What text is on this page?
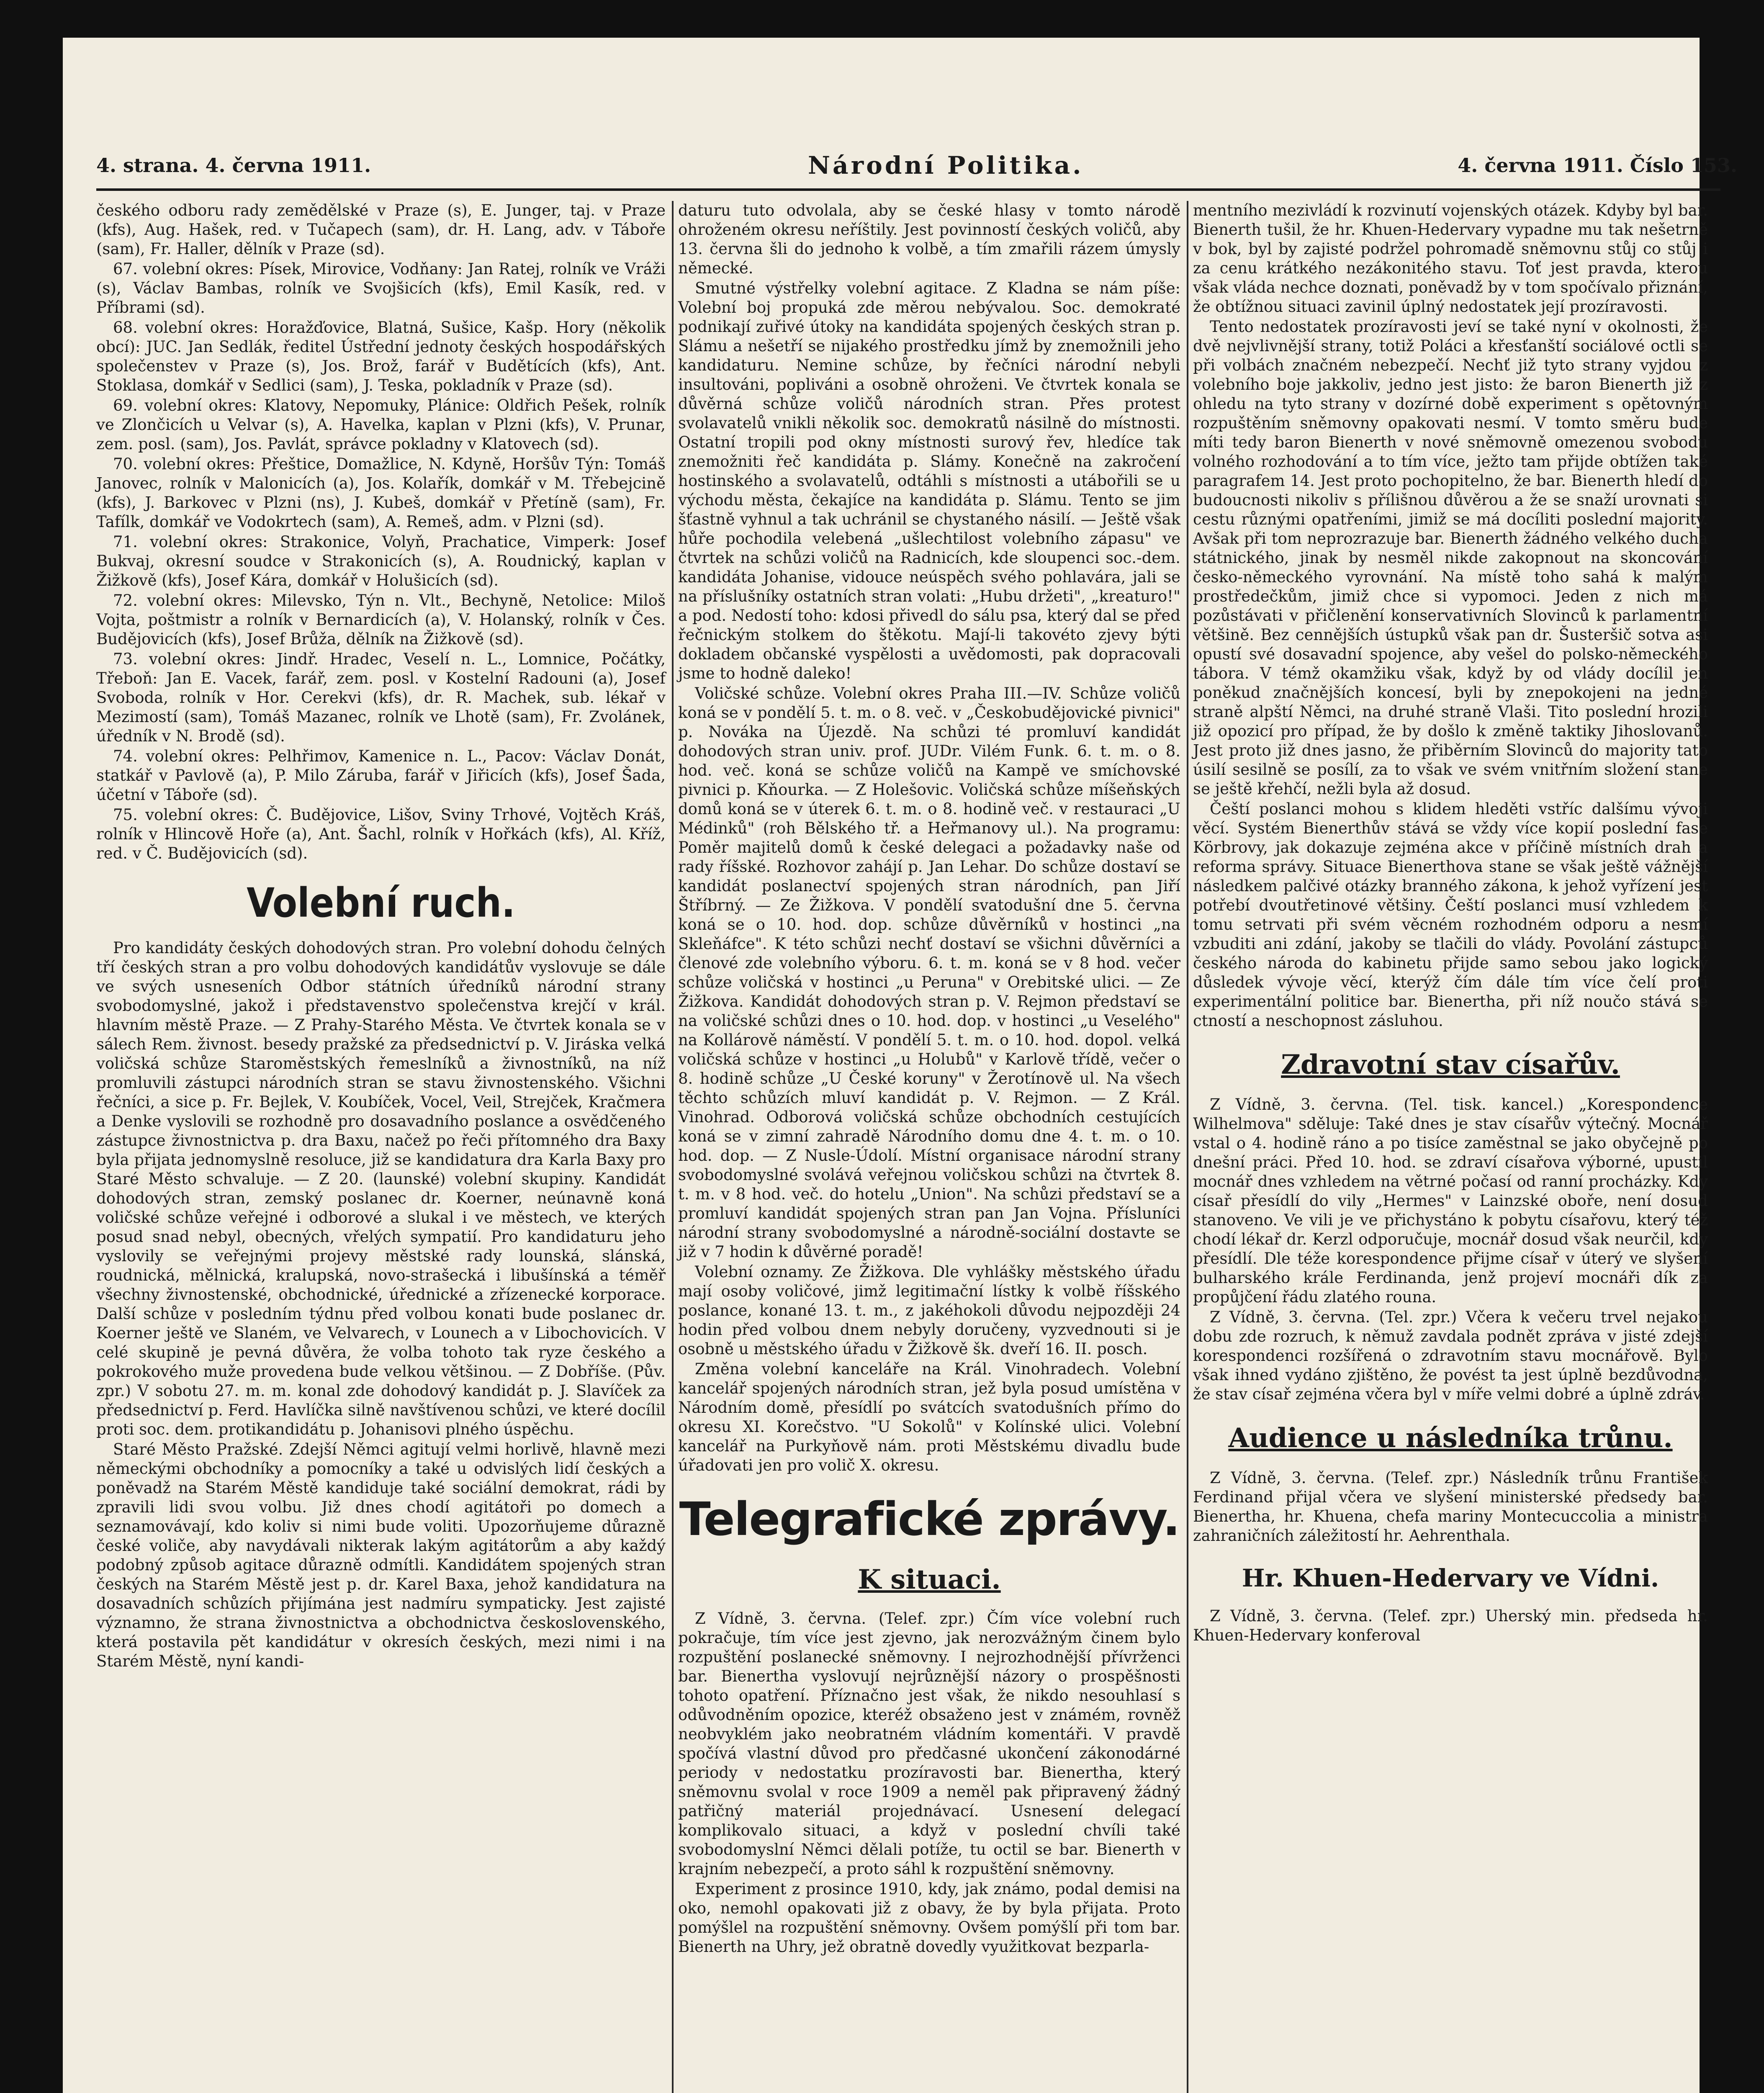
4. strana. 4. června 1911.	Národní Politika.	4. června 1911. Číslo 153.

českého odboru rady zemědělské v Praze (s), E. Junger, taj. v Praze (kfs), Aug. Hašek, red. v Tučapech (sam), dr. H. Lang, adv. v Táboře (sam), Fr. Haller, dělník v Praze (sd).

67. volební okres: Písek, Mirovice, Vodňany: Jan Ratej, rolník ve Vráži (s), Václav Bambas, rolník ve Svojšicích (kfs), Emil Kasík, red. v Příbrami (sd).

68. volební okres: Horažďovice, Blatná, Sušice, Kašp. Hory (několik obcí): JUC. Jan Sedlák, ředitel Ústřední jednoty českých hospodářských společenstev v Praze (s), Jos. Brož, farář v Budětících (kfs), Ant. Stoklasa, domkář v Sedlici (sam), J. Teska, pokladník v Praze (sd).

69. volební okres: Klatovy, Nepomuky, Plánice: Oldřich Pešek, rolník ve Zlončicích u Velvar (s), A. Havelka, kaplan v Plzni (kfs), V. Prunar, zem. posl. (sam), Jos. Pavlát, správce pokladny v Klatovech (sd).

70. volební okres: Přeštice, Domažlice, N. Kdyně, Horšův Týn: Tomáš Janovec, rolník v Malonicích (a), Jos. Kolařík, domkář v M. Třebejcině (kfs), J. Barkovec v Plzni (ns), J. Kubeš, domkář v Přetíně (sam), Fr. Tafílk, domkář ve Vodokrtech (sam), A. Remeš, adm. v Plzni (sd).

71. volební okres: Strakonice, Volyň, Prachatice, Vimperk: Josef Bukvaj, okresní soudce v Strakonicích (s), A. Roudnický, kaplan v Žižkově (kfs), Josef Kára, domkář v Holušicích (sd).

72. volební okres: Milevsko, Týn n. Vlt., Bechyně, Netolice: Miloš Vojta, poštmistr a rolník v Bernardicích (a), V. Holanský, rolník v Čes. Budějovicích (kfs), Josef Brůža, dělník na Žižkově (sd).

73. volební okres: Jindř. Hradec, Veselí n. L., Lomnice, Počátky, Třeboň: Jan E. Vacek, farář, zem. posl. v Kostelní Radouni (a), Josef Svoboda, rolník v Hor. Cerekvi (kfs), dr. R. Machek, sub. lékař v Mezimostí (sam), Tomáš Mazanec, rolník ve Lhotě (sam), Fr. Zvolánek, úředník v N. Brodě (sd).

74. volební okres: Pelhřimov, Kamenice n. L., Pacov: Václav Donát, statkář v Pavlově (a), P. Milo Záruba, farář v Jiřicích (kfs), Josef Šada, účetní v Táboře (sd).

75. volební okres: Č. Budějovice, Lišov, Sviny Trhové, Vojtěch Kráš, rolník v Hlincově Hoře (a), Ant. Šachl, rolník v Hořkách (kfs), Al. Kříž, red. v Č. Budějovicích (sd).

Volební ruch.

Pro kandidáty českých dohodových stran. Pro volební dohodu čelných tří českých stran a pro volbu dohodových kandidátův vyslovuje se dále ve svých usneseních Odbor státních úředníků národní strany svobodomyslné, jakož i představenstvo společenstva krejčí v král. hlavním městě Praze. — Z Prahy-Starého Města. Ve čtvrtek konala se v sálech Rem. živnost. besedy pražské za předsednictví p. V. Jiráska velká voličská schůze Staroměstských řemeslníků a živnostníků, na níž promluvili zástupci národních stran se stavu živnostenského. Všichni řečníci, a sice p. Fr. Bejlek, V. Koubíček, Vocel, Veil, Strejček, Kračmera a Denke vyslovili se rozhodně pro dosavadního poslance a osvědčeného zástupce živnostnictva p. dra Baxu, načež po řeči přítomného dra Baxy byla přijata jednomyslně resoluce, již se kandidatura dra Karla Baxy pro Staré Město schvaluje. — Z 20. (launské) volební skupiny. Kandidát dohodových stran, zemský poslanec dr. Koerner, neúnavně koná voličské schůze veřejné i odborové a slukal i ve městech, ve kterých posud snad nebyl, obecných, vřelých sympatií. Pro kandidaturu jeho vyslovily se veřejnými projevy městské rady lounská, slánská, roudnická, mělnická, kralupská, novo-strašecká i libušínská a téměř všechny živnostenské, obchodnické, úřednické a zřízenecké korporace. Další schůze v posledním týdnu před volbou konati bude poslanec dr. Koerner ještě ve Slaném, ve Velvarech, v Lounech a v Libochovicích. V celé skupině je pevná důvěra, že volba tohoto tak ryze českého a pokrokového muže provedena bude velkou většinou. — Z Dobříše. (Pův. zpr.) V sobotu 27. m. m. konal zde dohodový kandidát p. J. Slavíček za předsednictví p. Ferd. Havlíčka silně navštívenou schůzi, ve které docílil proti soc. dem. protikandidátu p. Johanisovi plného úspěchu.

Staré Město Pražské. Zdejší Němci agitují velmi horlivě, hlavně mezi německými obchodníky a pomocníky a také u odvislých lidí českých a poněvadž na Starém Městě kandiduje také sociální demokrat, rádi by zpravili lidi svou volbu. Již dnes chodí agitátoři po domech a seznamovávají, kdo koliv si nimi bude voliti. Upozorňujeme důrazně české voliče, aby navydávali nikterak lakým agitátorům a aby každý podobný způsob agitace důrazně odmítli. Kandidátem spojených stran českých na Starém Městě jest p. dr. Karel Baxa, jehož kandidatura na dosavadních schůzích přijímána jest nadmíru sympaticky. Jest zajisté významno, že strana živnostnictva a obchodnictva československého, která postavila pět kandidátur v okresích českých, mezi nimi i na Starém Městě, nyní kandi-

daturu tuto odvolala, aby se české hlasy v tomto národě ohroženém okresu neříštily. Jest povinností českých voličů, aby 13. června šli do jednoho k volbě, a tím zmařili rázem úmysly německé.

Smutné výstřelky volební agitace. Z Kladna se nám píše: Volební boj propuká zde měrou nebývalou. Soc. demokraté podnikají zuřivé útoky na kandidáta spojených českých stran p. Slámu a nešetří se nijakého prostředku jímž by znemožnili jeho kandidaturu. Nemine schůze, by řečníci národní nebyli insultováni, popliváni a osobně ohroženi. Ve čtvrtek konala se důvěrná schůze voličů národních stran. Přes protest svolavatelů vnikli několik soc. demokratů násilně do místnosti. Ostatní tropili pod okny místnosti surový řev, hledíce tak znemožniti řeč kandidáta p. Slámy. Konečně na zakročení hostinského a svolavatelů, odtáhli s místnosti a utábořili se u východu města, čekajíce na kandidáta p. Slámu. Tento se jim šťastně vyhnul a tak uchránil se chystaného násilí. — Ještě však hůře pochodila velebená „ušlechtilost volebního zápasu" ve čtvrtek na schůzi voličů na Radnicích, kde sloupenci soc.-dem. kandidáta Johanise, vidouce neúspěch svého pohlavára, jali se na příslušníky ostatních stran volati: „Hubu držeti", „kreaturo!" a pod. Nedostí toho: kdosi přivedl do sálu psa, který dal se před řečnickým stolkem do štěkotu. Mají-li takovéto zjevy býti dokladem občanské vyspělosti a uvědomosti, pak dopracovali jsme to hodně daleko!

Voličské schůze. Volební okres Praha III.—IV. Schůze voličů koná se v pondělí 5. t. m. o 8. več. v „Českobudějovické pivnici" p. Nováka na Újezdě. Na schůzi té promluví kandidát dohodových stran univ. prof. JUDr. Vilém Funk. 6. t. m. o 8. hod. več. koná se schůze voličů na Kampě ve smíchovské pivnici p. Kňourka. — Z Holešovic. Voličská schůze míšeňských domů koná se v úterek 6. t. m. o 8. hodině več. v restauraci „U Médinků" (roh Bělského tř. a Heřmanovy ul.). Na programu: Poměr majitelů domů k české delegaci a požadavky naše od rady říšské. Rozhovor zahájí p. Jan Lehar. Do schůze dostaví se kandidát poslanectví spojených stran národních, pan Jiří Štříbrný. — Ze Žižkova. V pondělí svatodušní dne 5. června koná se o 10. hod. dop. schůze důvěrníků v hostinci „na Skleňáfce". K této schůzi nechť dostaví se všichni důvěrníci a členové zde volebního výboru. 6. t. m. koná se v 8 hod. večer schůze voličská v hostinci „u Peruna" v Orebitské ulici. — Ze Žižkova. Kandidát dohodových stran p. V. Rejmon představí se na voličské schůzi dnes o 10. hod. dop. v hostinci „u Veselého" na Kollárově náměstí. V pondělí 5. t. m. o 10. hod. dopol. velká voličská schůze v hostinci „u Holubů" v Karlově třídě, večer o 8. hodině schůze „U České koruny" v Žerotínově ul. Na všech těchto schůzích mluví kandidát p. V. Rejmon. — Z Král. Vinohrad. Odborová voličská schůze obchodních cestujících koná se v zimní zahradě Národního domu dne 4. t. m. o 10. hod. dop. — Z Nusle-Údolí. Místní organisace národní strany svobodomyslné svolává veřejnou voličskou schůzi na čtvrtek 8. t. m. v 8 hod. več. do hotelu „Union". Na schůzi představí se a promluví kandidát spojených stran pan Jan Vojna. Přísluníci národní strany svobodomyslné a národně-sociální dostavte se již v 7 hodin k důvěrné poradě!

Volební oznamy. Ze Žižkova. Dle vyhlášky městského úřadu mají osoby voličové, jimž legitimační lístky k volbě říšského poslance, konané 13. t. m., z jakéhokoli důvodu nejpozději 24 hodin před volbou dnem nebyly doručeny, vyzvednouti si je osobně u městského úřadu v Žižkově šk. dveří 16. II. posch.

Změna volební kanceláře na Král. Vinohradech. Volební kancelář spojených národních stran, jež byla posud umístěna v Národním domě, přesídlí po svátcích svatodušních přímo do okresu XI. Korečstvo. "U Sokolů" v Kolínské ulici. Volební kancelář na Purkyňově nám. proti Městskému divadlu bude úřadovati jen pro volič X. okresu.

Telegrafické zprávy.
K situaci.

Z Vídně, 3. června. (Telef. zpr.) Čím více volební ruch pokračuje, tím více jest zjevno, jak nerozvážným činem bylo rozpuštění poslanecké sněmovny. I nejrozhodnější přívrženci bar. Bienertha vyslovují nejrůznější názory o prospěšnosti tohoto opatření. Příznačno jest však, že nikdo nesouhlasí s odůvodněním opozice, kteréž obsaženo jest v známém, rovněž neobvyklém jako neobratném vládním komentáři. V pravdě spočívá vlastní důvod pro předčasné ukončení zákonodárné periody v nedostatku prozíravosti bar. Bienertha, který sněmovnu svolal v roce 1909 a neměl pak připravený žádný patřičný materiál projednávací. Usnesení delegací komplikovalo situaci, a když v poslední chvíli také svobodomyslní Němci dělali potíže, tu octil se bar. Bienerth v krajním nebezpečí, a proto sáhl k rozpuštění sněmovny.

Experiment z prosince 1910, kdy, jak známo, podal demisi na oko, nemohl opakovati již z obavy, že by byla přijata. Proto pomýšlel na rozpuštění sněmovny. Ovšem pomýšlí při tom bar. Bienerth na Uhry, jež obratně dovedly využitkovat bezparla-

mentního mezivládí k rozvinutí vojenských otázek. Kdyby byl bar. Bienerth tušil, že hr. Khuen-Hedervary vypadne mu tak nešetrně v bok, byl by zajisté podržel pohromadě sněmovnu stůj co stůj i za cenu krátkého nezákonitého stavu. Toť jest pravda, kterou však vláda nechce doznati, poněvadž by v tom spočívalo přiznání, že obtížnou situaci zavinil úplný nedostatek její prozíravosti.

Tento nedostatek prozíravosti jeví se také nyní v okolnosti, že dvě nejvlivnější strany, totiž Poláci a křesťanští sociálové octli se při volbách značném nebezpečí. Nechť již tyto strany vyjdou z volebního boje jakkoliv, jedno jest jisto: že baron Bienerth již z ohledu na tyto strany v dozírné době experiment s opětovným rozpuštěním sněmovny opakovati nesmí. V tomto směru bude míti tedy baron Bienerth v nové sněmovně omezenou svobodu volného rozhodování a to tím více, ježto tam přijde obtížen také paragrafem 14. Jest proto pochopitelno, že bar. Bienerth hledí do budoucnosti nikoliv s přílišnou důvěrou a že se snaží urovnati si cestu různými opatřeními, jimiž se má docíliti poslední majority. Avšak při tom neprozrazuje bar. Bienerth žádného velkého ducha státnického, jinak by nesměl nikde zakopnout na skoncování česko-německého vyrovnání. Na místě toho sahá k malým prostředečkům, jimiž chce si vypomoci. Jeden z nich má pozůstávati v přičlenění konservativních Slovinců k parlamentní většině. Bez cennějších ústupků však pan dr. Šusteršič sotva asi opustí své dosavadní spojence, aby vešel do polsko-německého tábora. V témž okamžiku však, když by od vlády docílil jen poněkud značnějších koncesí, byli by znepokojeni na jedné straně alpští Němci, na druhé straně Vlaši. Tito poslední hrozili již opozicí pro případ, že by došlo k změně taktiky Jihoslovanů. Jest proto již dnes jasno, že přiběrním Slovinců do majority tato úsilí sesilně se posílí, za to však ve svém vnitřním složení stane se ještě křehčí, nežli byla až dosud.

Čeští poslanci mohou s klidem hleděti vstříc dalšímu vývoji věcí. Systém Bienerthův stává se vždy více kopií poslední fase Körbrovy, jak dokazuje zejména akce v příčině místních drah a reforma správy. Situace Bienerthova stane se však ještě vážnější následkem palčivé otázky branného zákona, k jehož vyřízení jest potřebí dvoutřetinové většiny. Čeští poslanci musí vzhledem k tomu setrvati při svém věcném rozhodném odporu a nesmí vzbuditi ani zdání, jakoby se tlačili do vlády. Povolání zástupců českého národa do kabinetu přijde samo sebou jako logický důsledek vývoje věcí, kterýž čím dále tím více čelí proti experimentální politice bar. Bienertha, při níž noučo stává se ctností a neschopnost zásluhou.

Zdravotní stav císařův.

Z Vídně, 3. června. (Tel. tisk. kancel.) „Korespondence Wilhelmova" sděluje: Také dnes je stav císařův výtečný. Mocnář vstal o 4. hodině ráno a po tisíce zaměstnal se jako obyčejně po dnešní práci. Před 10. hod. se zdraví císařova výborné, upustil mocnář dnes vzhledem na větrné počasí od ranní procházky. Kdy císař přesídlí do vily „Hermes" v Lainzské oboře, není dosud stanoveno. Ve vili je ve přichystáno k pobytu císařovu, který též chodí lékař dr. Kerzl odporučuje, mocnář dosud však neurčil, kdy přesídlí. Dle téže korespondence přijme císař v úterý ve slyšení bulharského krále Ferdinanda, jenž projeví mocnáři dík za propůjčení řádu zlatého rouna.

Z Vídně, 3. června. (Tel. zpr.) Včera k večeru trvel nejakou dobu zde rozruch, k němuž zavdala podnět zpráva v jisté zdejší korespondenci rozšířená o zdravotním stavu mocnářově. Bylo však ihned vydáno zjištěno, že povést ta jest úplně bezdůvodna, že stav císař zejména včera byl v míře velmi dobré a úplně zdráv.

Audience u následníka trůnu.

Z Vídně, 3. června. (Telef. zpr.) Následník trůnu František Ferdinand přijal včera ve slyšení ministerské předsedy bar. Bienertha, hr. Khuena, chefa mariny Montecuccolia a ministra zahraničních záležitostí hr. Aehrenthala.

Hr. Khuen-Hedervary ve Vídni.

Z Vídně, 3. června. (Telef. zpr.) Uherský min. předseda hr. Khuen-Hedervary konferoval
